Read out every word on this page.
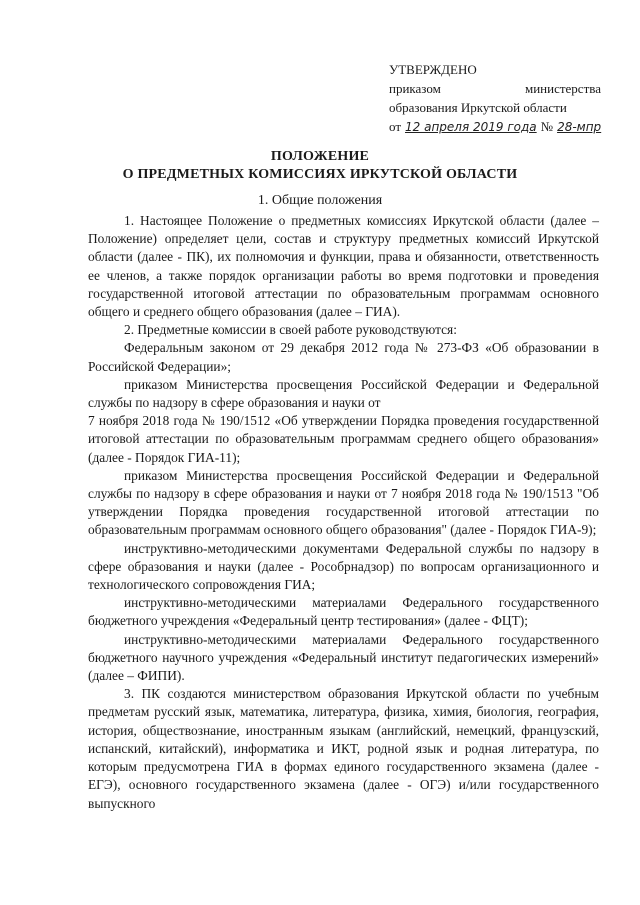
УТВЕРЖДЕНО
приказом	министерства
образования Иркутской области
от 12 апреля 2019 года № 28-мпр
ПОЛОЖЕНИЕ
О ПРЕДМЕТНЫХ КОМИССИЯХ ИРКУТСКОЙ ОБЛАСТИ
1. Общие положения

1. Настоящее Положение о предметных комиссиях Иркутской области (далее – Положение) определяет цели, состав и структуру предметных комиссий Иркутской области (далее - ПК), их полномочия и функции, права и обязанности, ответственность ее членов, а также порядок организации работы во время подготовки и проведения государственной итоговой аттестации по образовательным программам основного общего и среднего общего образования (далее – ГИА).

2. Предметные комиссии в своей работе руководствуются:

Федеральным законом от 29 декабря 2012 года № 273-ФЗ «Об образовании в Российской Федерации»;

приказом Министерства просвещения Российской Федерации и Федеральной службы по надзору в сфере образования и науки от

7 ноября 2018 года № 190/1512 «Об утверждении Порядка проведения государственной итоговой аттестации по образовательным программам среднего общего образования» (далее - Порядок ГИА-11);

приказом Министерства просвещения Российской Федерации и Федеральной службы по надзору в сфере образования и науки от 7 ноября 2018 года № 190/1513 "Об утверждении Порядка проведения государственной итоговой аттестации по образовательным программам основного общего образования" (далее - Порядок ГИА-9);

инструктивно-методическими документами Федеральной службы по надзору в сфере образования и науки (далее - Рособрнадзор) по вопросам организационного и технологического сопровождения ГИА;

инструктивно-методическими материалами Федерального государственного бюджетного учреждения «Федеральный центр тестирования» (далее - ФЦТ);

инструктивно-методическими материалами Федерального государственного бюджетного научного учреждения «Федеральный институт педагогических измерений» (далее – ФИПИ).

3. ПК создаются министерством образования Иркутской области по учебным предметам русский язык, математика, литература, физика, химия, биология, география, история, обществознание, иностранным языкам (английский, немецкий, французский, испанский, китайский), информатика и ИКТ, родной язык и родная литература, по которым предусмотрена ГИА в формах единого государственного экзамена (далее - ЕГЭ), основного государственного экзамена (далее - ОГЭ) и/или государственного выпускного
